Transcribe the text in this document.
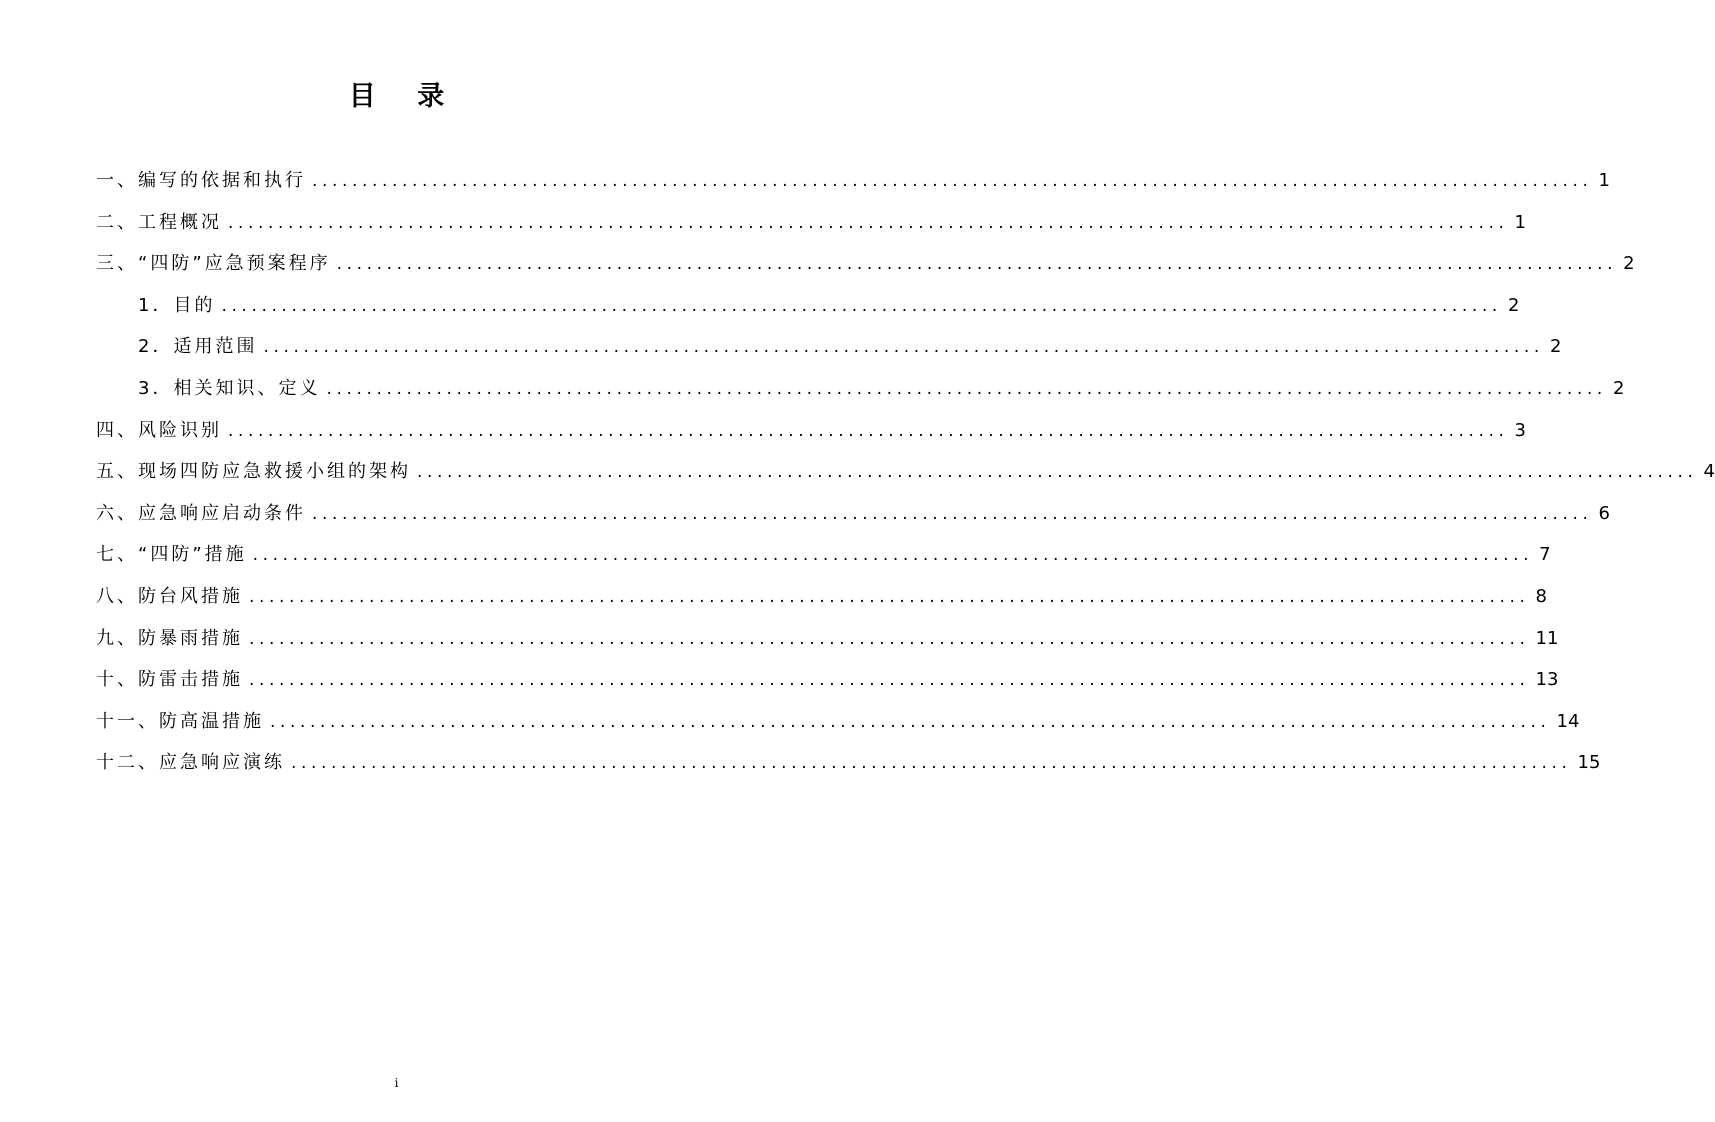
目 录
一、编写的依据和执行 ................................................................................................................................ 1
二、工程概况 ................................................................................................................................ 1
三、“四防”应急预案程序 ................................................................................................................................ 2
1．目的 ................................................................................................................................ 2
2．适用范围 ................................................................................................................................ 2
3．相关知识、定义 ................................................................................................................................ 2
四、风险识别 ................................................................................................................................ 3
五、现场四防应急救援小组的架构 ................................................................................................................................ 4
六、应急响应启动条件 ................................................................................................................................ 6
七、“四防”措施 ................................................................................................................................ 7
八、防台风措施 ................................................................................................................................ 8
九、防暴雨措施 ................................................................................................................................ 11
十、防雷击措施 ................................................................................................................................ 13
十一、防高温措施 ................................................................................................................................ 14
十二、应急响应演练 ................................................................................................................................ 15
i
